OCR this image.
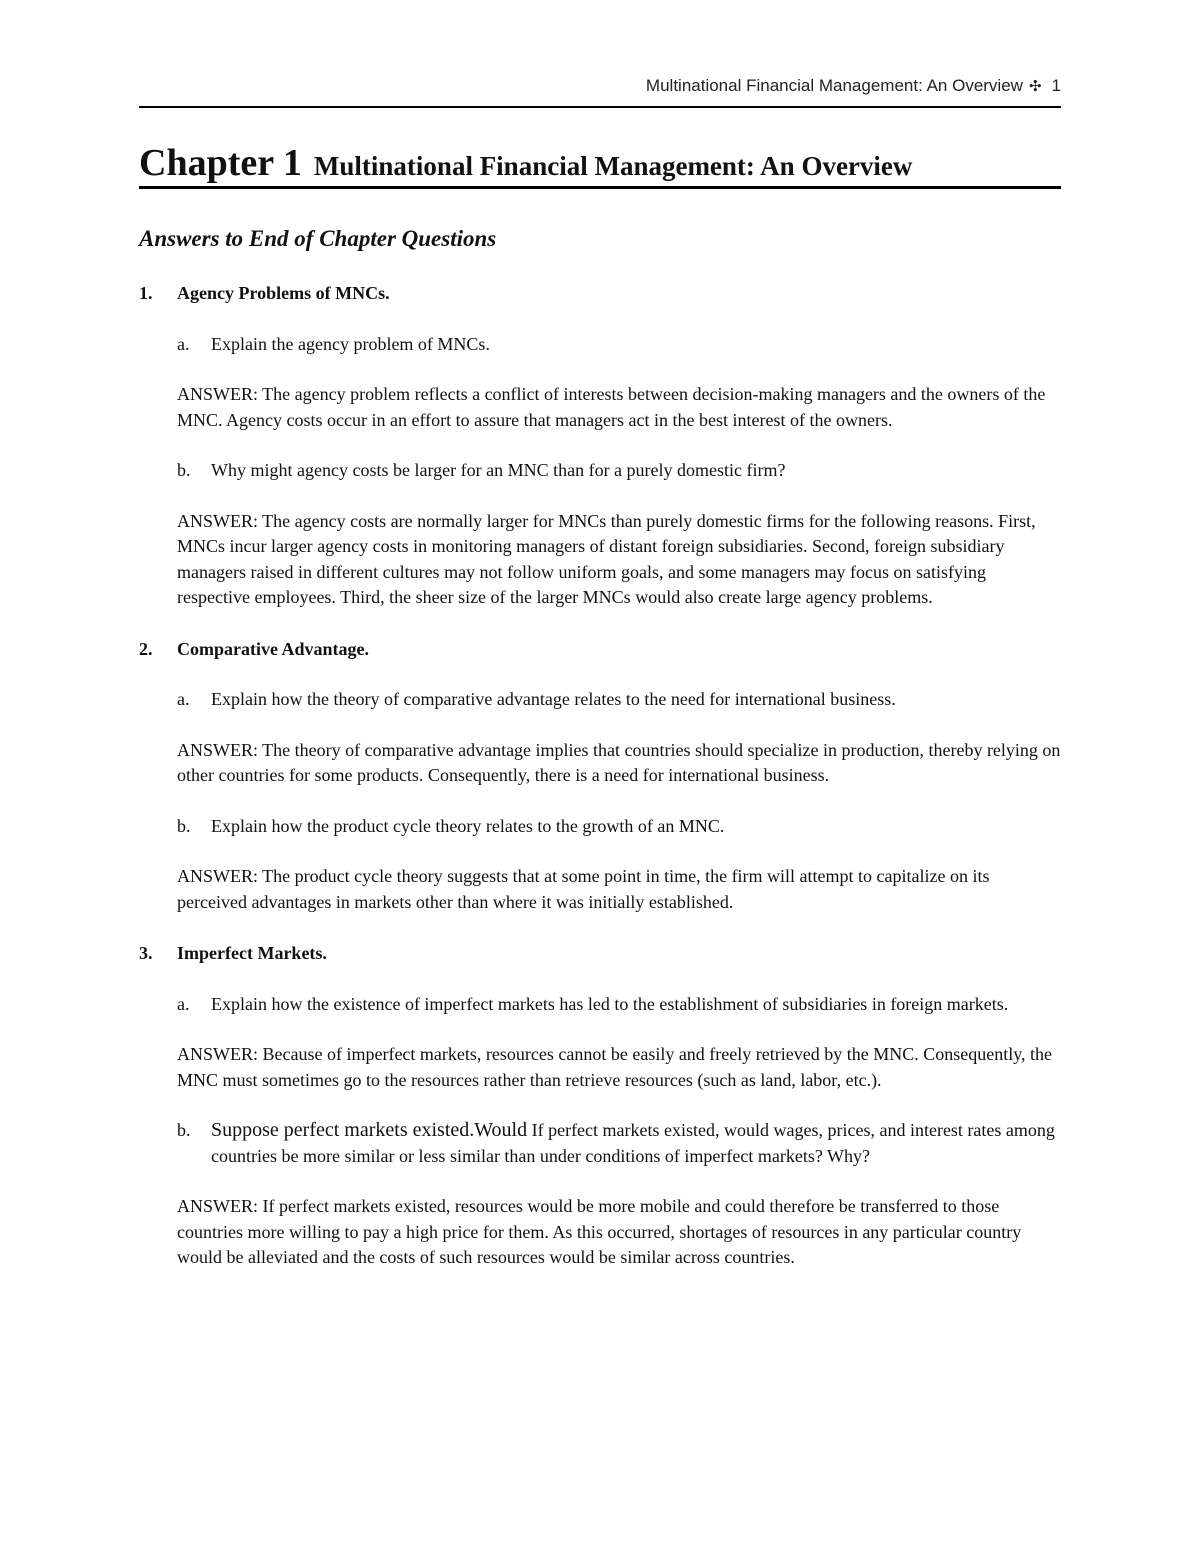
Multinational Financial Management: An Overview ✣ 1
Chapter 1 Multinational Financial Management: An Overview
Answers to End of Chapter Questions
1.	Agency Problems of MNCs.
a.	Explain the agency problem of MNCs.

ANSWER: The agency problem reflects a conflict of interests between decision-making managers and the owners of the MNC. Agency costs occur in an effort to assure that managers act in the best interest of the owners.

b.	Why might agency costs be larger for an MNC than for a purely domestic firm?

ANSWER: The agency costs are normally larger for MNCs than purely domestic firms for the following reasons. First, MNCs incur larger agency costs in monitoring managers of distant foreign subsidiaries. Second, foreign subsidiary managers raised in different cultures may not follow uniform goals, and some managers may focus on satisfying respective employees. Third, the sheer size of the larger MNCs would also create large agency problems.

2.	Comparative Advantage.
a.	Explain how the theory of comparative advantage relates to the need for international business.

ANSWER: The theory of comparative advantage implies that countries should specialize in production, thereby relying on other countries for some products. Consequently, there is a need for international business.

b.	Explain how the product cycle theory relates to the growth of an MNC.

ANSWER: The product cycle theory suggests that at some point in time, the firm will attempt to capitalize on its perceived advantages in markets other than where it was initially established.

3.	Imperfect Markets.
a.	Explain how the existence of imperfect markets has led to the establishment of subsidiaries in foreign markets.

ANSWER: Because of imperfect markets, resources cannot be easily and freely retrieved by the MNC. Consequently, the MNC must sometimes go to the resources rather than retrieve resources (such as land, labor, etc.).

b.	Suppose perfect markets existed.Would If perfect markets existed, would wages, prices, and interest rates among countries be more similar or less similar than under conditions of imperfect markets? Why?

ANSWER: If perfect markets existed, resources would be more mobile and could therefore be transferred to those countries more willing to pay a high price for them. As this occurred, shortages of resources in any particular country would be alleviated and the costs of such resources would be similar across countries.
